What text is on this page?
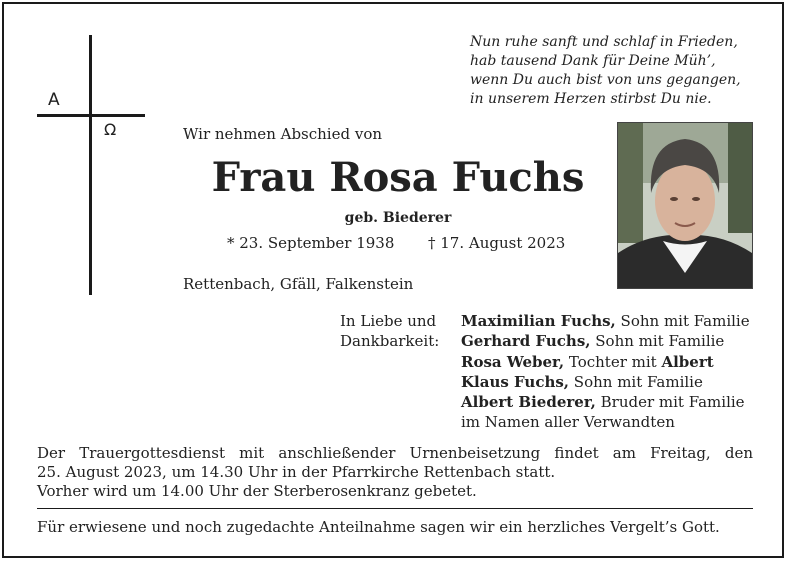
Nun ruhe sanft und schlaf in Frieden,
hab tausend Dank für Deine Müh’,
wenn Du auch bist von uns gegangen,
in unserem Herzen stirbst Du nie.
A
Ω	Wir nehmen Abschied von
Frau Rosa Fuchs
geb. Biederer
* 23. September 1938 † 17. August 2023
Rettenbach, Gfäll, Falkenstein
In Liebe und
Dankbarkeit:
Maximilian Fuchs, Sohn mit Familie
Gerhard Fuchs, Sohn mit Familie
Rosa Weber, Tochter mit Albert
Klaus Fuchs, Sohn mit Familie
Albert Biederer, Bruder mit Familie
im Namen aller Verwandten
Der Trauergottesdienst mit anschließender Urnenbeisetzung findet am Freitag, den
25. August 2023, um 14.30 Uhr in der Pfarrkirche Rettenbach statt.
Vorher wird um 14.00 Uhr der Sterberosenkranz gebetet.
Für erwiesene und noch zugedachte Anteilnahme sagen wir ein herzliches Vergelt’s Gott.
